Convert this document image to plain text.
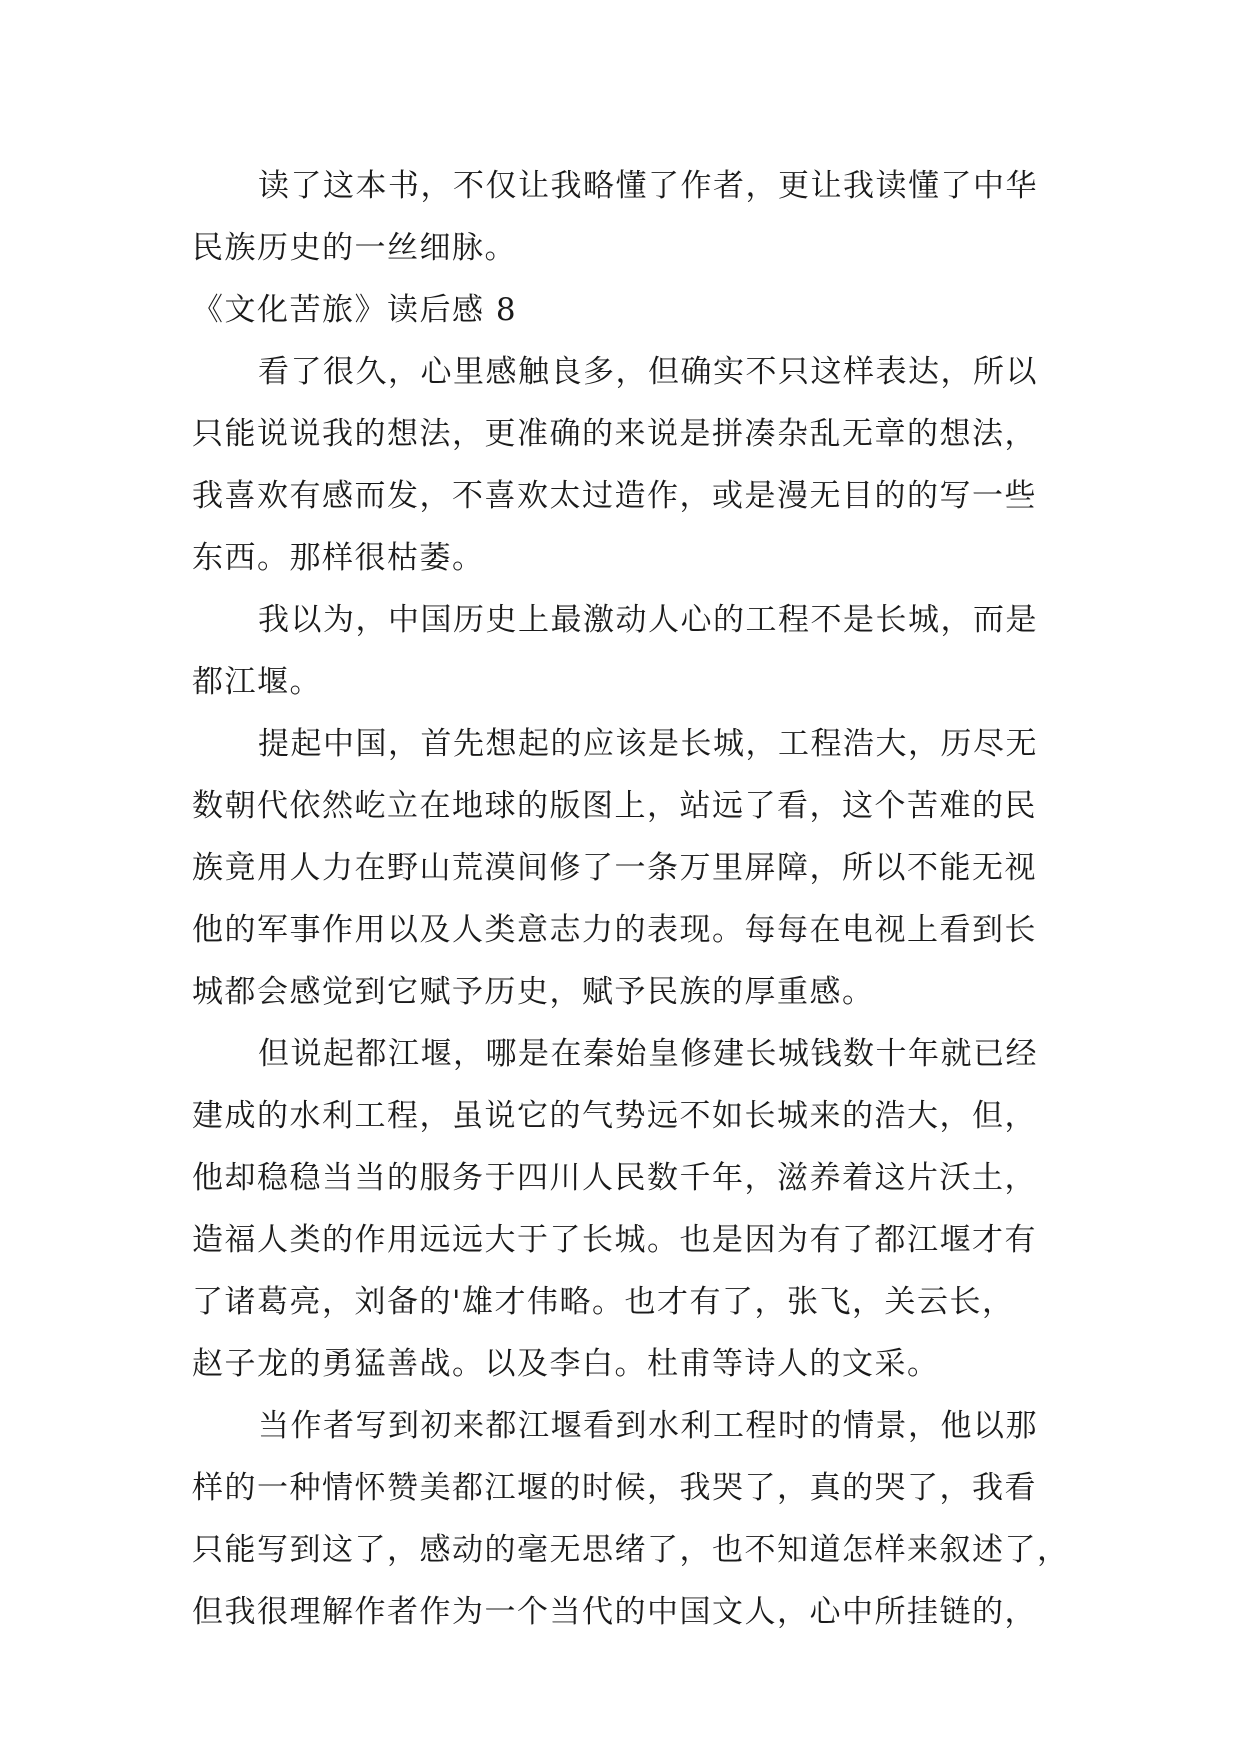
读了这本书，不仅让我略懂了作者，更让我读懂了中华
民族历史的一丝细脉。
《文化苦旅》读后感 8
看了很久，心里感触良多，但确实不只这样表达，所以
只能说说我的想法，更准确的来说是拼凑杂乱无章的想法，
我喜欢有感而发，不喜欢太过造作，或是漫无目的的写一些
东西。那样很枯萎。
我以为，中国历史上最激动人心的工程不是长城，而是
都江堰。
提起中国，首先想起的应该是长城，工程浩大，历尽无
数朝代依然屹立在地球的版图上，站远了看，这个苦难的民
族竟用人力在野山荒漠间修了一条万里屏障，所以不能无视
他的军事作用以及人类意志力的表现。每每在电视上看到长
城都会感觉到它赋予历史，赋予民族的厚重感。
但说起都江堰，哪是在秦始皇修建长城钱数十年就已经
建成的水利工程，虽说它的气势远不如长城来的浩大，但，
他却稳稳当当的服务于四川人民数千年，滋养着这片沃土，
造福人类的作用远远大于了长城。也是因为有了都江堰才有
了诸葛亮，刘备的'雄才伟略。也才有了，张飞，关云长，
赵子龙的勇猛善战。以及李白。杜甫等诗人的文采。
当作者写到初来都江堰看到水利工程时的情景，他以那
样的一种情怀赞美都江堰的时候，我哭了，真的哭了，我看
只能写到这了，感动的毫无思绪了，也不知道怎样来叙述了，
但我很理解作者作为一个当代的中国文人，心中所挂链的，
